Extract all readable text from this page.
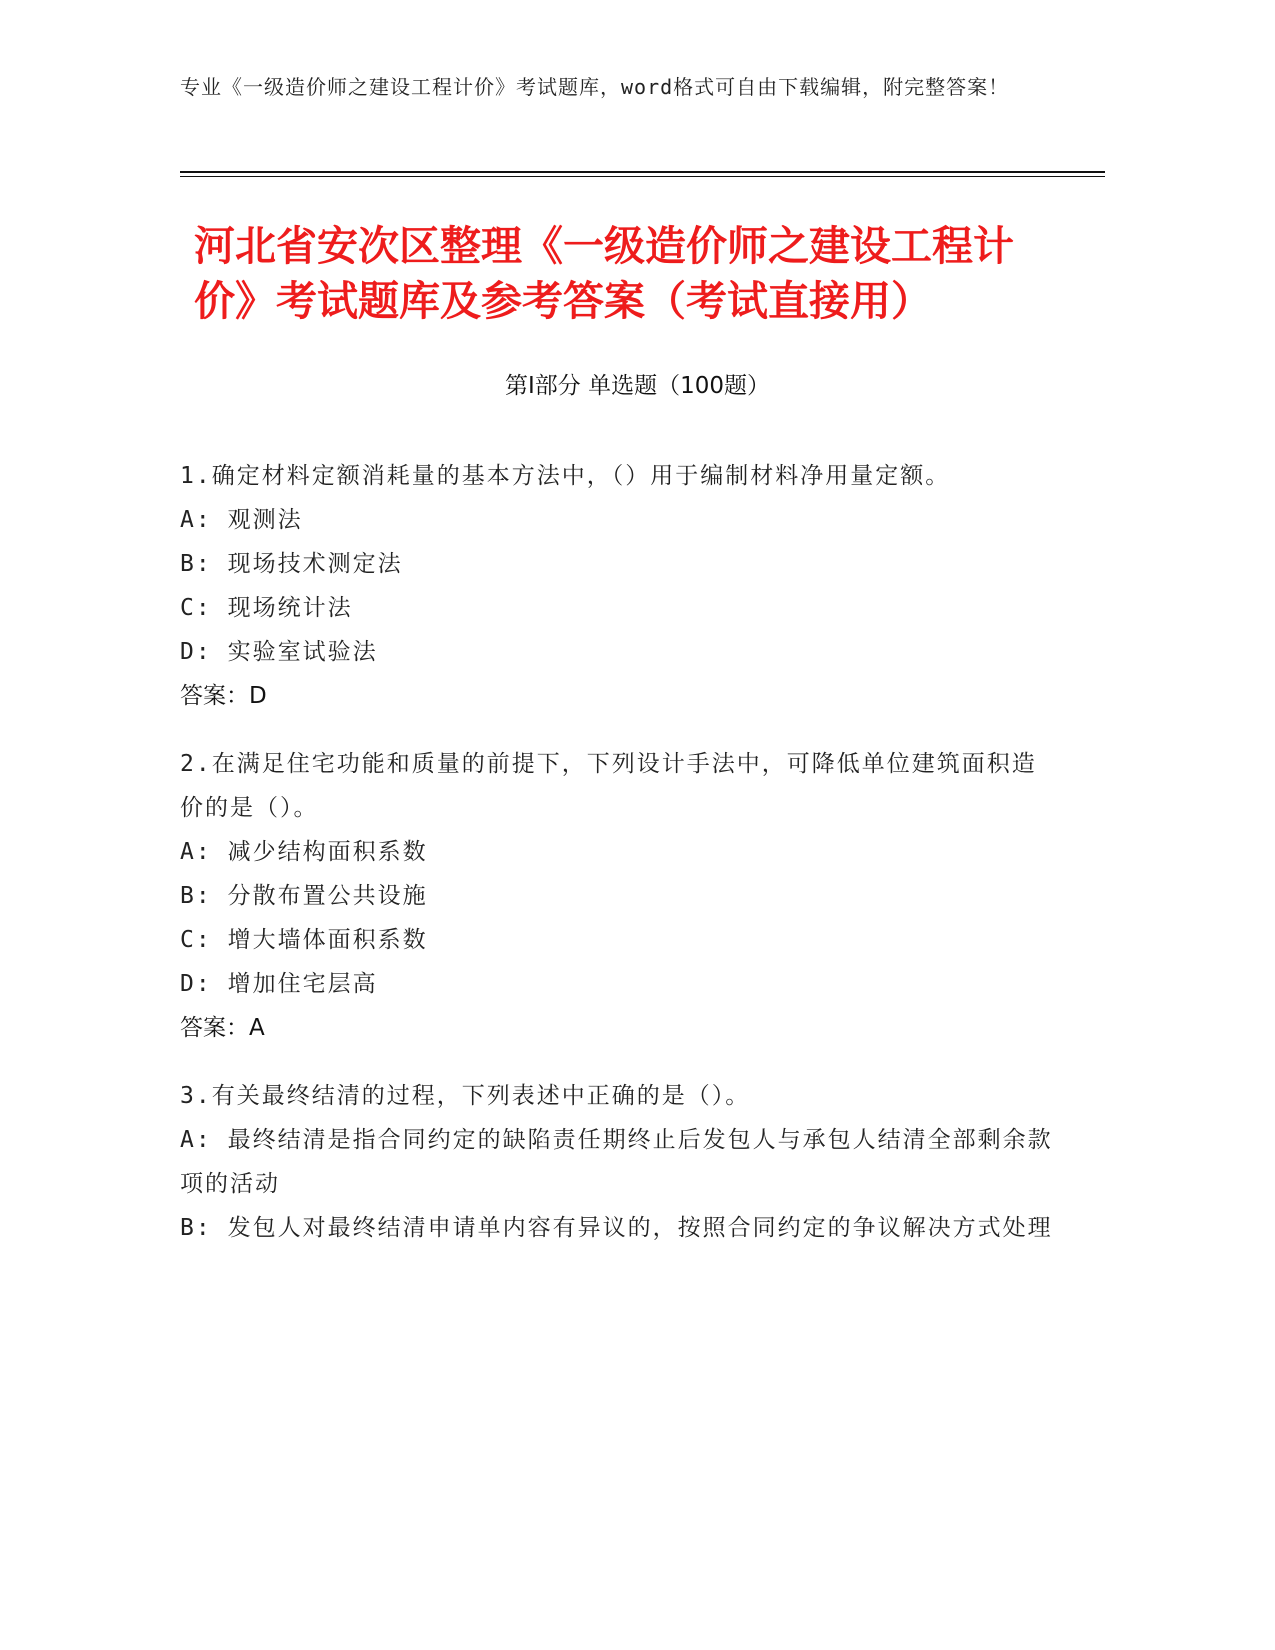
专业《一级造价师之建设工程计价》考试题库，word格式可自由下载编辑，附完整答案！
河北省安次区整理《一级造价师之建设工程计价》考试题库及参考答案（考试直接用）
第Ⅰ部分 单选题（100题）

1.确定材料定额消耗量的基本方法中，（）用于编制材料净用量定额。

A: 观测法

B: 现场技术测定法

C: 现场统计法

D: 实验室试验法

答案：D

2.在满足住宅功能和质量的前提下，下列设计手法中，可降低单位建筑面积造价的是（）。

A: 减少结构面积系数

B: 分散布置公共设施

C: 增大墙体面积系数

D: 增加住宅层高

答案：A

3.有关最终结清的过程，下列表述中正确的是（）。

A: 最终结清是指合同约定的缺陷责任期终止后发包人与承包人结清全部剩余款项的活动

B: 发包人对最终结清申请单内容有异议的，按照合同约定的争议解决方式处理
